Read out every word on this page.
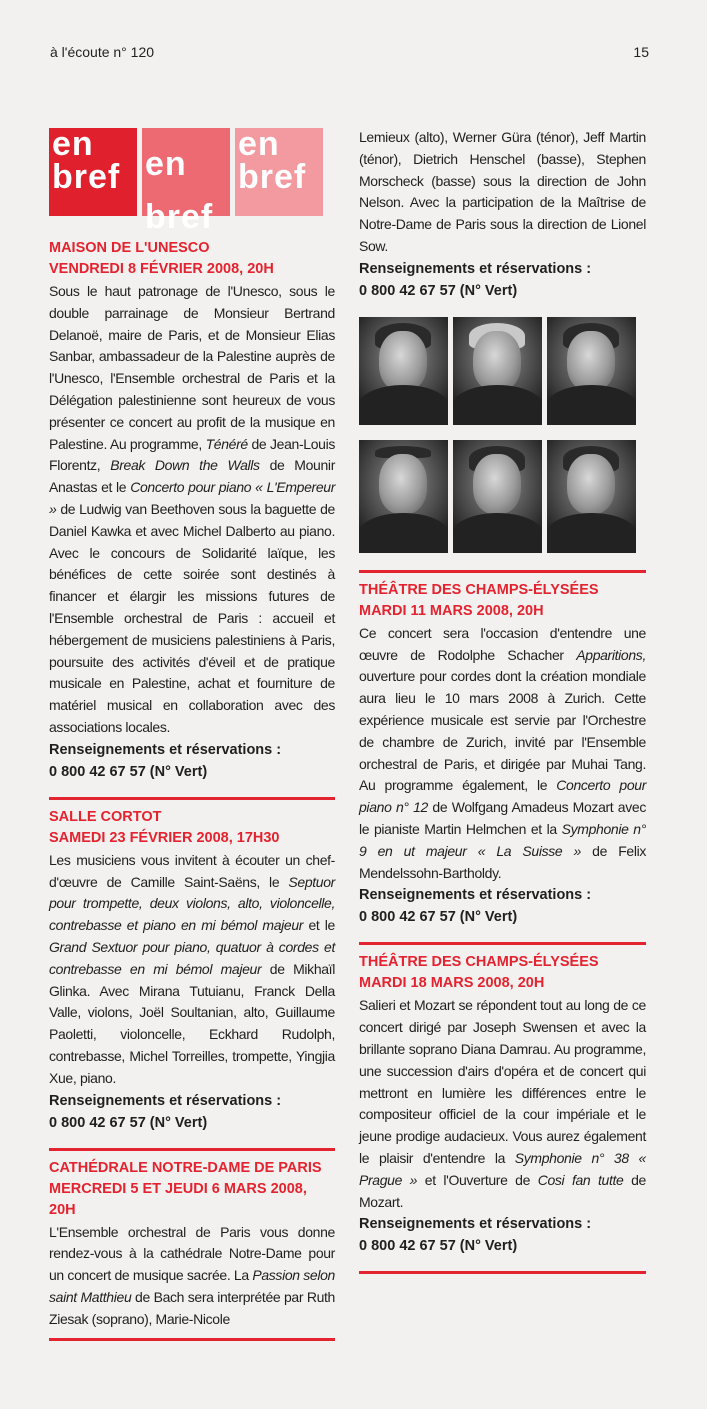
à l'écoute n° 120	15
en
bref en
bref
en
bref
MAISON DE L'UNESCO
VENDREDI 8 FÉVRIER 2008, 20H
Sous le haut patronage de l'Unesco, sous le double parrainage de Monsieur Bertrand Delanoë, maire de Paris, et de Monsieur Elias Sanbar, ambassadeur de la Palestine auprès de l'Unesco, l'Ensemble orchestral de Paris et la Délégation palestinienne sont heureux de vous présenter ce concert au profit de la musique en Palestine. Au programme, Ténéré de Jean-Louis Florentz, Break Down the Walls de Mounir Anastas et le Concerto pour piano « L'Empereur » de Ludwig van Beethoven sous la baguette de Daniel Kawka et avec Michel Dalberto au piano. Avec le concours de Solidarité laïque, les bénéfices de cette soirée sont destinés à financer et élargir les missions futures de l'Ensemble orchestral de Paris : accueil et hébergement de musiciens palestiniens à Paris, poursuite des activités d'éveil et de pratique musicale en Palestine, achat et fourniture de matériel musical en collaboration avec des associations locales.
Renseignements et réservations :
0 800 42 67 57 (N° Vert)
SALLE CORTOT
SAMEDI 23 FÉVRIER 2008, 17H30
Les musiciens vous invitent à écouter un chef-d'œuvre de Camille Saint-Saëns, le Septuor pour trompette, deux violons, alto, violoncelle, contrebasse et piano en mi bémol majeur et le Grand Sextuor pour piano, quatuor à cordes et contrebasse en mi bémol majeur de Mikhaïl Glinka. Avec Mirana Tutuianu, Franck Della Valle, violons, Joël Soultanian, alto, Guillaume Paoletti, violoncelle, Eckhard Rudolph, contrebasse, Michel Torreilles, trompette, Yingjia Xue, piano.
Renseignements et réservations :
0 800 42 67 57 (N° Vert)
CATHÉDRALE NOTRE-DAME DE PARIS
MERCREDI 5 ET JEUDI 6 MARS 2008, 20H
L'Ensemble orchestral de Paris vous donne rendez-vous à la cathédrale Notre-Dame pour un concert de musique sacrée. La Passion selon saint Matthieu de Bach sera interprétée par Ruth Ziesak (soprano), Marie-Nicole
Lemieux (alto), Werner Güra (ténor), Jeff Martin (ténor), Dietrich Henschel (basse), Stephen Morscheck (basse) sous la direction de John Nelson. Avec la participation de la Maîtrise de Notre-Dame de Paris sous la direction de Lionel Sow.
Renseignements et réservations :
0 800 42 67 57 (N° Vert)
THÉÂTRE DES CHAMPS-ÉLYSÉES
MARDI 11 MARS 2008, 20H
Ce concert sera l'occasion d'entendre une œuvre de Rodolphe Schacher Apparitions, ouverture pour cordes dont la création mondiale aura lieu le 10 mars 2008 à Zurich. Cette expérience musicale est servie par l'Orchestre de chambre de Zurich, invité par l'Ensemble orchestral de Paris, et dirigée par Muhai Tang. Au programme également, le Concerto pour piano n° 12 de Wolfgang Amadeus Mozart avec le pianiste Martin Helmchen et la Symphonie n° 9 en ut majeur « La Suisse » de Felix Mendelssohn-Bartholdy.
Renseignements et réservations :
0 800 42 67 57 (N° Vert)
THÉÂTRE DES CHAMPS-ÉLYSÉES
MARDI 18 MARS 2008, 20H
Salieri et Mozart se répondent tout au long de ce concert dirigé par Joseph Swensen et avec la brillante soprano Diana Damrau. Au programme, une succession d'airs d'opéra et de concert qui mettront en lumière les différences entre le compositeur officiel de la cour impériale et le jeune prodige audacieux. Vous aurez également le plaisir d'entendre la Symphonie n° 38 « Prague » et l'Ouverture de Cosi fan tutte de Mozart.
Renseignements et réservations :
0 800 42 67 57 (N° Vert)
